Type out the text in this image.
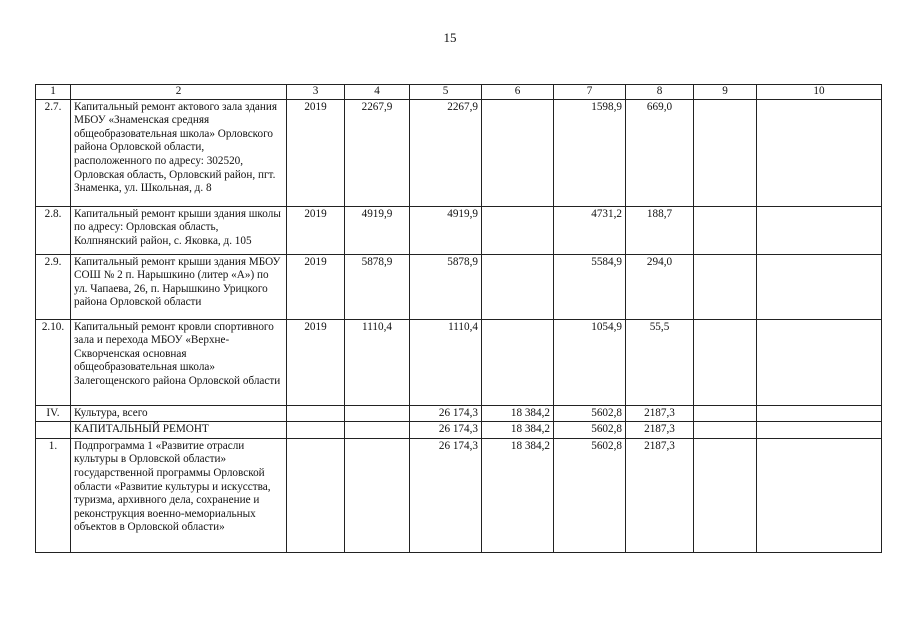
15
1	2	3	4	5	6	7	8	9	10
2.7.	Капитальный ремонт актового зала здания МБОУ «Знаменская средняя общеобразовательная школа» Орловского района Орловской области, расположенного по адресу: 302520, Орловская область, Орловский район, пгт. Знаменка, ул. Школьная, д. 8	2019	2267,9	2267,9		1598,9	669,0		
2.8.	Капитальный ремонт крыши здания школы по адресу: Орловская область, Колпнянский район, с. Яковка, д. 105	2019	4919,9	4919,9		4731,2	188,7		
2.9.	Капитальный ремонт крыши здания МБОУ СОШ № 2 п. Нарышкино (литер «А») по ул. Чапаева, 26, п. Нарышкино Урицкого района Орловской области	2019	5878,9	5878,9		5584,9	294,0		
2.10.	Капитальный ремонт кровли спортивного зала и перехода МБОУ «Верхне-Скворченская основная общеобразовательная школа» Залегощенского района Орловской области	2019	1110,4	1110,4		1054,9	55,5		
IV.	Культура, всего			26 174,3	18 384,2	5602,8	2187,3		
	КАПИТАЛЬНЫЙ РЕМОНТ			26 174,3	18 384,2	5602,8	2187,3		
1.	Подпрограмма 1 «Развитие отрасли культуры в Орловской области» государственной программы Орловской области «Развитие культуры и искусства, туризма, архивного дела, сохранение и реконструкция военно-мемориальных объектов в Орловской области»			26 174,3	18 384,2	5602,8	2187,3		
